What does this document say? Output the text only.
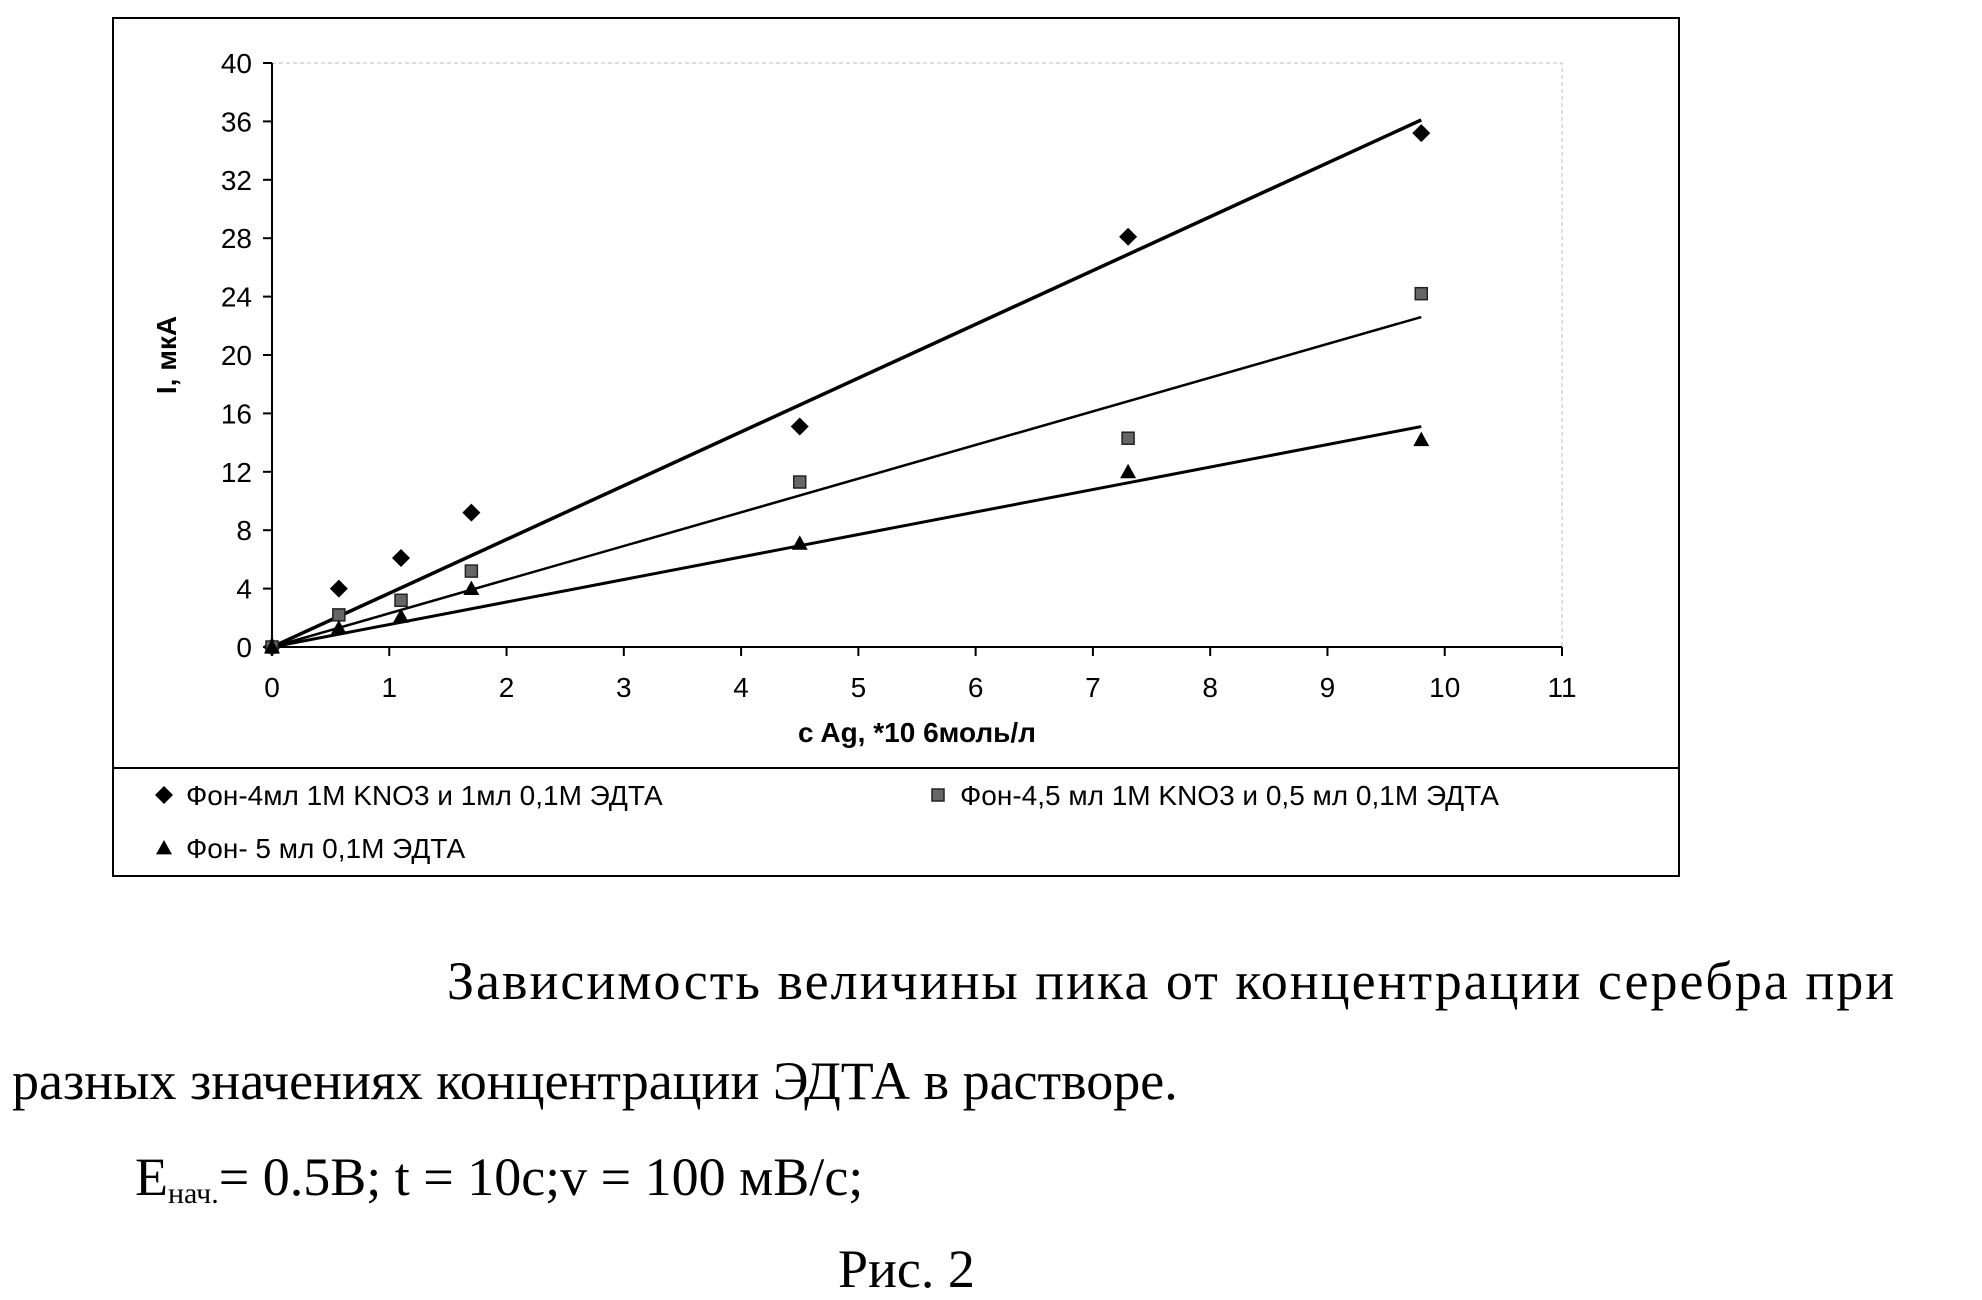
I, мкА
c Ag, *10 6моль/л
0
4
8
12
16
20
24
28
32
36
40
0	1	2	3	4	5	6	7	8	9	10	11
Фон-4мл 1М KNO3 и 1мл 0,1М ЭДТА	Фон-4,5 мл 1М KNO3 и 0,5 мл 0,1М ЭДТА
Фон- 5 мл 0,1М ЭДТА
Зависимость величины пика от концентрации серебра при
разных значениях концентрации ЭДТА в растворе.
$E_{нач.}= 0.5В$; t = 10с;v = 100 мВ/с;
Рис. 2
